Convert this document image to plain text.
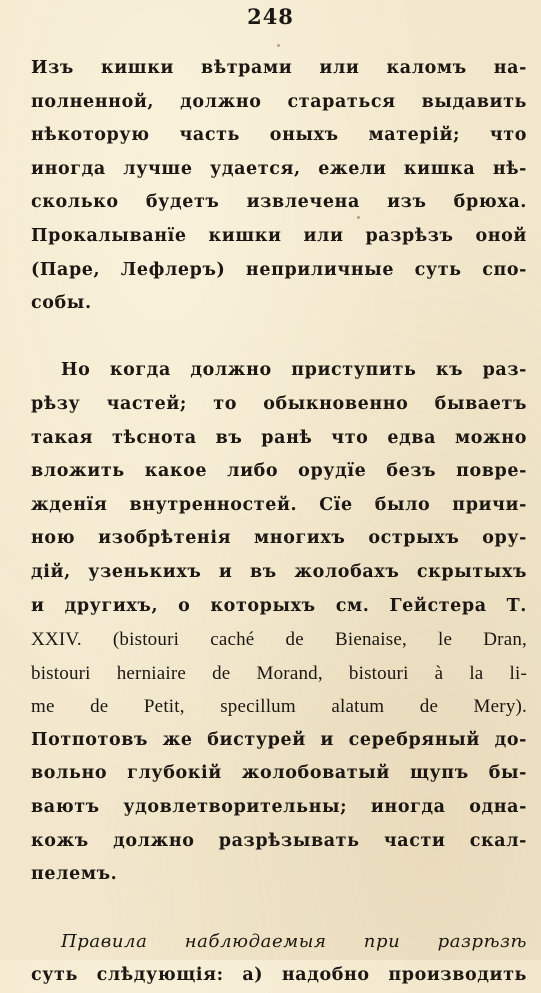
248
Изъ кишки вѣтрами или каломъ на-
полненной, должно стараться выдавить
нѣкоторую часть оныхъ матерій; что
иногда лучше удается, ежели кишка нѣ-
сколько будетъ извлечена изъ брюха.
Прокалыванїе кишки или разрѣзъ оной
(Паре, Лефлеръ) неприличные суть спо-
собы.
Но когда должно приступить къ раз-
рѣзу частей; то обыкновенно бываетъ
такая тѣснота въ ранѣ что едва можно
вложить какое либо орудїе безъ повре-
жденїя внутренностей. Сїе было причи-
ною изобрѣтенія многихъ острыхъ ору-
дій, узенькихъ и въ жолобахъ скрытыхъ
и другихъ, о которыхъ см. Гейстера Т.
XXIV. (bistouri caché de Bienaise, le Dran,
bistouri herniaire de Morand, bistouri à la li-
me de Petit, specillum alatum de Mery).
Потпотовъ же бистурей и серебряный до-
вольно глубокій жолобоватый щупъ бы-
ваютъ удовлетворительны; иногда одна-
кожъ должно разрѣзывать части скал-
пелемъ.
Правила наблюдаемыя при разрѣзѣ
суть слѣдующія: а) надобно производить
